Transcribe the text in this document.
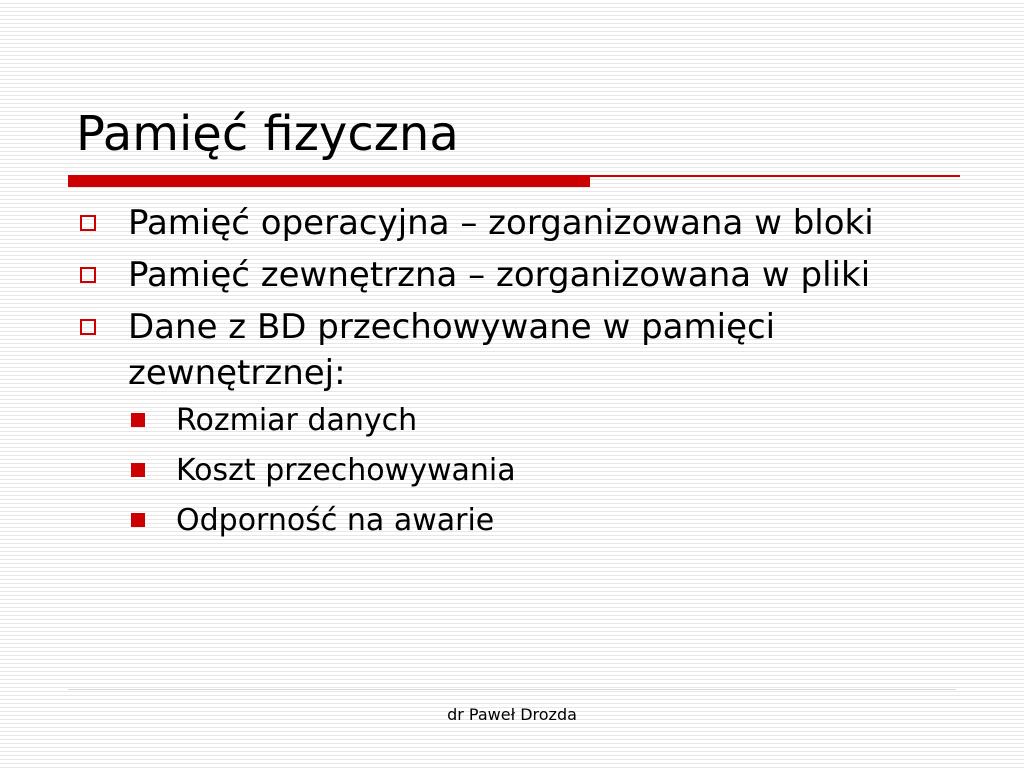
Pamięć fizyczna
Pamięć operacyjna – zorganizowana w bloki
Pamięć zewnętrzna – zorganizowana w pliki
Dane z BD przechowywane w pamięci zewnętrznej:
Rozmiar danych
Koszt przechowywania
Odporność na awarie
dr Paweł Drozda
